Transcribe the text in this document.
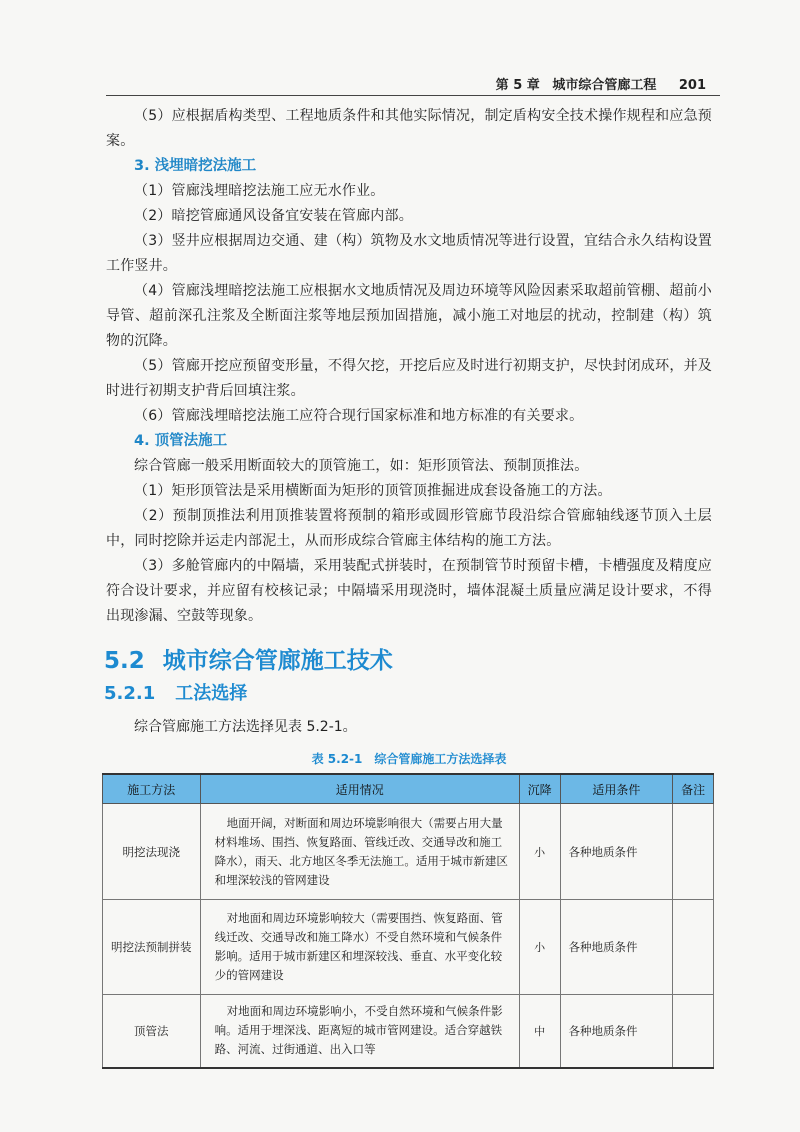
第 5 章 城市综合管廊工程 201

（5）应根据盾构类型、工程地质条件和其他实际情况，制定盾构安全技术操作规程和应急预案。

3. 浅埋暗挖法施工

（1）管廊浅埋暗挖法施工应无水作业。

（2）暗挖管廊通风设备宜安装在管廊内部。

（3）竖井应根据周边交通、建（构）筑物及水文地质情况等进行设置，宜结合永久结构设置工作竖井。

（4）管廊浅埋暗挖法施工应根据水文地质情况及周边环境等风险因素采取超前管棚、超前小导管、超前深孔注浆及全断面注浆等地层预加固措施，减小施工对地层的扰动，控制建（构）筑物的沉降。

（5）管廊开挖应预留变形量，不得欠挖，开挖后应及时进行初期支护，尽快封闭成环，并及时进行初期支护背后回填注浆。

（6）管廊浅埋暗挖法施工应符合现行国家标准和地方标准的有关要求。

4. 顶管法施工

综合管廊一般采用断面较大的顶管施工，如：矩形顶管法、预制顶推法。

（1）矩形顶管法是采用横断面为矩形的顶管顶推掘进成套设备施工的方法。

（2）预制顶推法利用顶推装置将预制的箱形或圆形管廊节段沿综合管廊轴线逐节顶入土层中，同时挖除并运走内部泥土，从而形成综合管廊主体结构的施工方法。

（3）多舱管廊内的中隔墙，采用装配式拼装时，在预制管节时预留卡槽，卡槽强度及精度应符合设计要求，并应留有校核记录；中隔墙采用现浇时，墙体混凝土质量应满足设计要求，不得出现渗漏、空鼓等现象。

5.2 城市综合管廊施工技术
5.2.1 工法选择

综合管廊施工方法选择见表 5.2-1。

表 5.2-1　综合管廊施工方法选择表
施工方法	适用情况	沉降	适用条件	备注
明挖法现浇	地面开阔，对断面和周边环境影响很大（需要占用大量材料堆场、围挡、恢复路面、管线迁改、交通导改和施工降水），雨天、北方地区冬季无法施工。适用于城市新建区和埋深较浅的管网建设	小	各种地质条件	
明挖法预制拼装	对地面和周边环境影响较大（需要围挡、恢复路面、管线迁改、交通导改和施工降水）不受自然环境和气候条件影响。适用于城市新建区和埋深较浅、垂直、水平变化较少的管网建设	小	各种地质条件	
顶管法	对地面和周边环境影响小，不受自然环境和气候条件影响。适用于埋深浅、距离短的城市管网建设。适合穿越铁路、河流、过街通道、出入口等	中	各种地质条件	
